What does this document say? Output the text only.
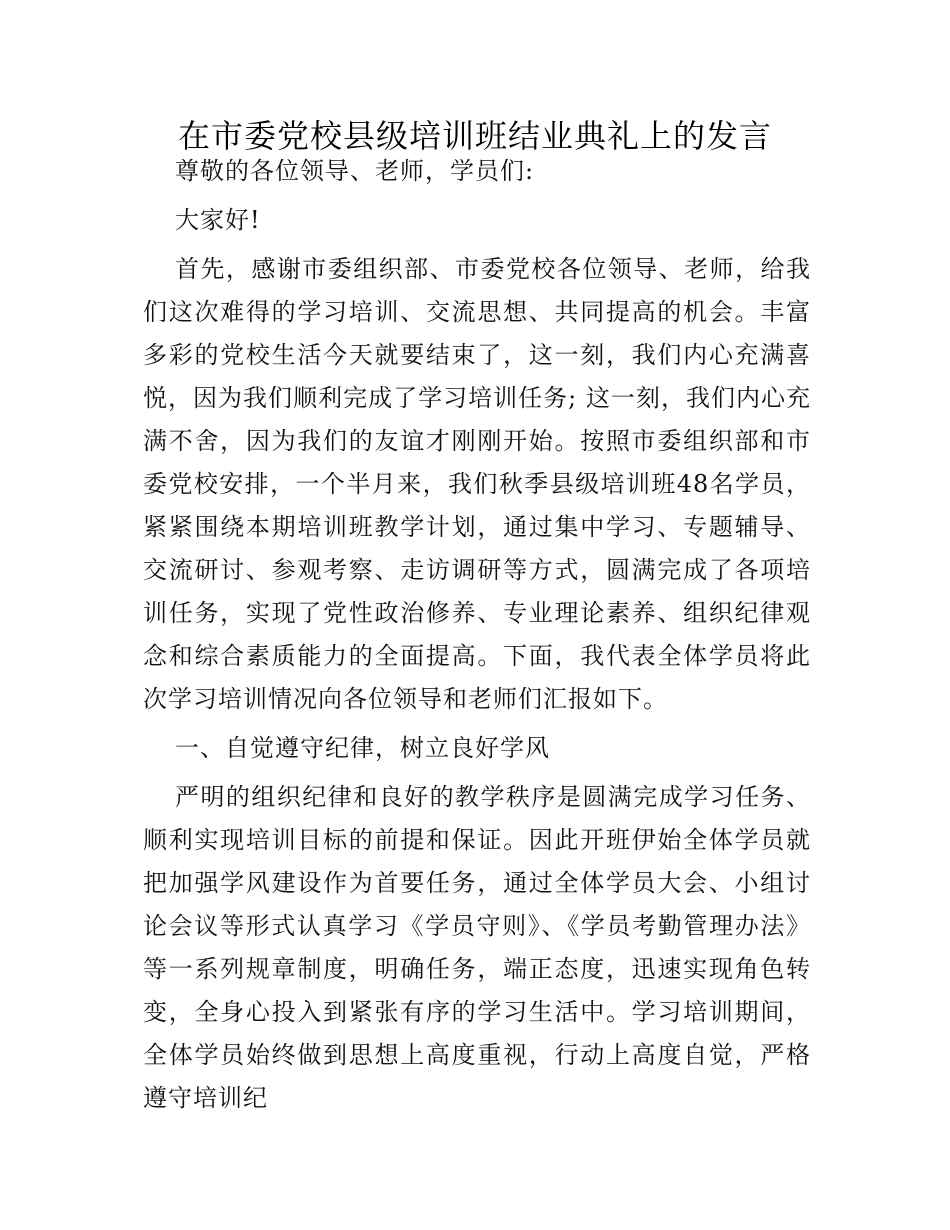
在市委党校县级培训班结业典礼上的发言

尊敬的各位领导、老师，学员们:

大家好!

首先，感谢市委组织部、市委党校各位领导、老师，给我们这次难得的学习培训、交流思想、共同提高的机会。丰富多彩的党校生活今天就要结束了，这一刻，我们内心充满喜悦，因为我们顺利完成了学习培训任务; 这一刻，我们内心充满不舍，因为我们的友谊才刚刚开始。按照市委组织部和市委党校安排，一个半月来，我们秋季县级培训班48名学员，紧紧围绕本期培训班教学计划，通过集中学习、专题辅导、交流研讨、参观考察、走访调研等方式，圆满完成了各项培训任务，实现了党性政治修养、专业理论素养、组织纪律观念和综合素质能力的全面提高。下面，我代表全体学员将此次学习培训情况向各位领导和老师们汇报如下。

一、自觉遵守纪律，树立良好学风

严明的组织纪律和良好的教学秩序是圆满完成学习任务、顺利实现培训目标的前提和保证。因此开班伊始全体学员就把加强学风建设作为首要任务，通过全体学员大会、小组讨论会议等形式认真学习《学员守则》、《学员考勤管理办法》等一系列规章制度，明确任务，端正态度，迅速实现角色转变，全身心投入到紧张有序的学习生活中。学习培训期间，全体学员始终做到思想上高度重视，行动上高度自觉，严格遵守培训纪
